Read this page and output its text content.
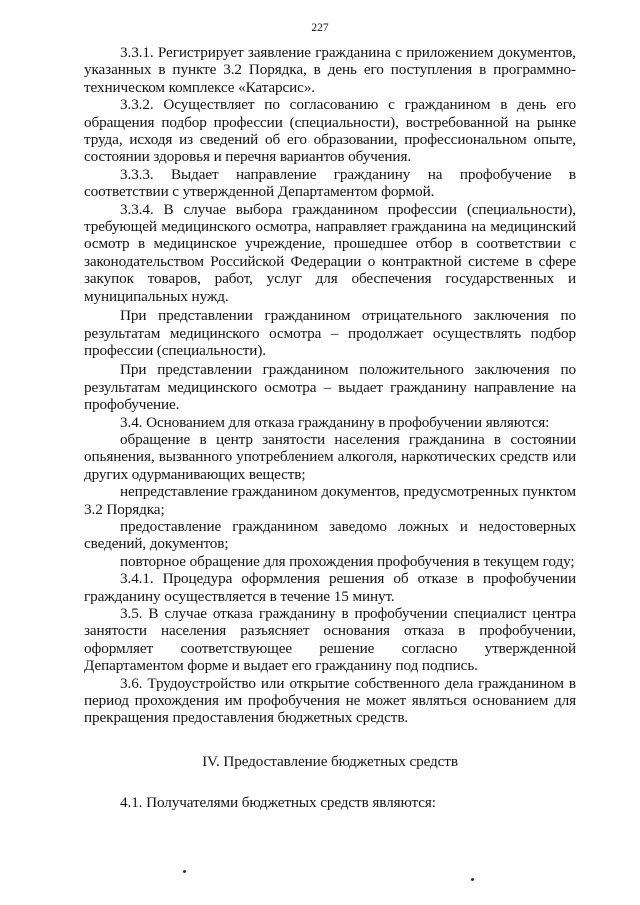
227

3.3.1. Регистрирует заявление гражданина с приложением документов, указанных в пункте 3.2 Порядка, в день его поступления в программно-техническом комплексе «Катарсис».

3.3.2. Осуществляет по согласованию с гражданином в день его обращения подбор профессии (специальности), востребованной на рынке труда, исходя из сведений об его образовании, профессиональном опыте, состоянии здоровья и перечня вариантов обучения.

3.3.3. Выдает направление гражданину на профобучение в соответствии с утвержденной Департаментом формой.

3.3.4. В случае выбора гражданином профессии (специальности), требующей медицинского осмотра, направляет гражданина на медицинский осмотр в медицинское учреждение, прошедшее отбор в соответствии с законодательством Российской Федерации о контрактной системе в сфере закупок товаров, работ, услуг для обеспечения государственных и муниципальных нужд.

При представлении гражданином отрицательного заключения по результатам медицинского осмотра – продолжает осуществлять подбор профессии (специальности).

При представлении гражданином положительного заключения по результатам медицинского осмотра – выдает гражданину направление на профобучение.

3.4. Основанием для отказа гражданину в профобучении являются:

обращение в центр занятости населения гражданина в состоянии опьянения, вызванного употреблением алкоголя, наркотических средств или других одурманивающих веществ;

непредставление гражданином документов, предусмотренных пунктом 3.2 Порядка;

предоставление гражданином заведомо ложных и недостоверных сведений, документов;

повторное обращение для прохождения профобучения в текущем году;

3.4.1. Процедура оформления решения об отказе в профобучении гражданину осуществляется в течение 15 минут.

3.5. В случае отказа гражданину в профобучении специалист центра занятости населения разъясняет основания отказа в профобучении, оформляет соответствующее решение согласно утвержденной Департаментом форме и выдает его гражданину под подпись.

3.6. Трудоустройство или открытие собственного дела гражданином в период прохождения им профобучения не может являться основанием для прекращения предоставления бюджетных средств.

IV. Предоставление бюджетных средств

4.1. Получателями бюджетных средств являются:
